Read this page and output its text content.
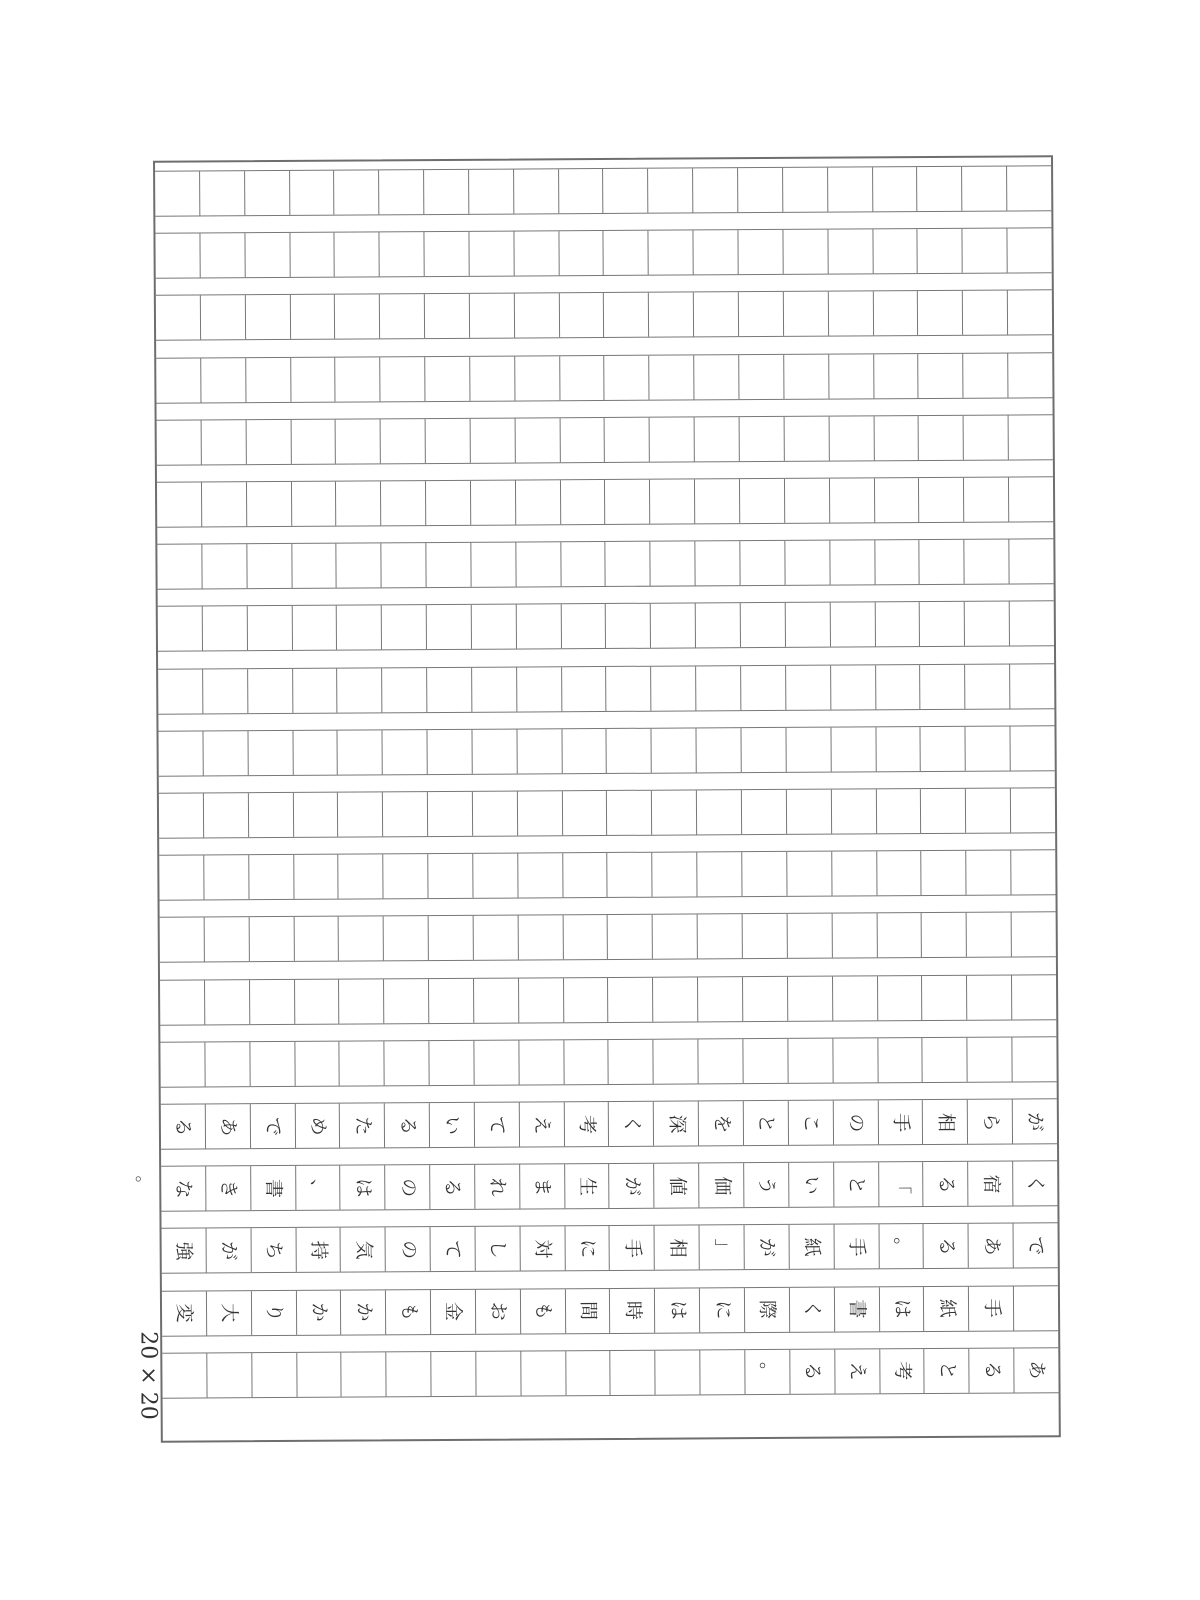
る あ で め た る い て え 考 く 深 を と こ の 手 相 ら が
な き 書 、 は の る れ ま 生 が 値 価 う い と 「 る 宿 く
強 が ち 持 気 の て し 対 に 手 相 」 が 紙 手 。 る あ で
変 大 り か か も 金 お も 間 時 は に 際 く 書 は 紙 手
。 る え 考 と る あ
。
20 × 20
